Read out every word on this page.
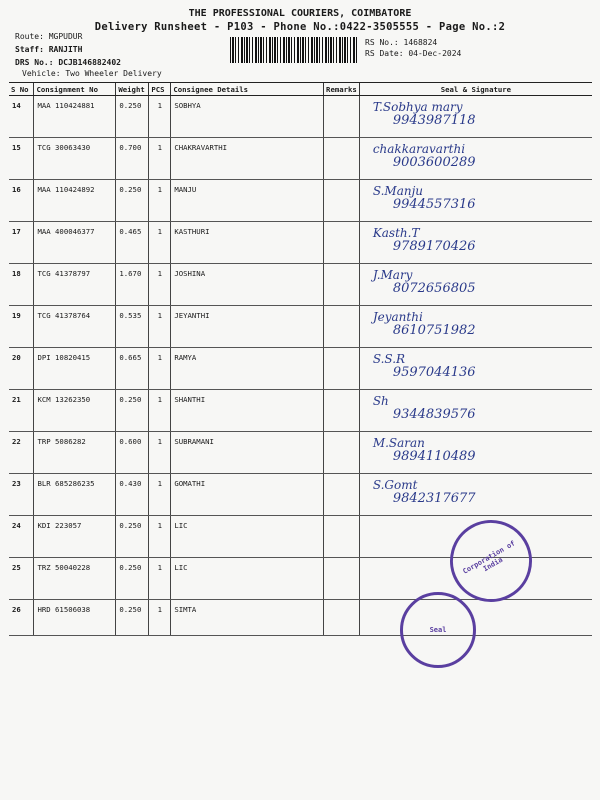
THE PROFESSIONAL COURIERS, COIMBATORE
Delivery Runsheet - P103 - Phone No.:0422-3505555 - Page No.:2
Route: MGPUDUR
Staff: RANJITH
DRS No.: DCJB146882402
Vehicle: Two Wheeler Delivery
RS No.: 1468824
RS Date: 04-Dec-2024
S No	Consignment No	Weight	PCS	Consignee Details	Remarks	Seal & Signature
14	MAA 110424881	0.250	1	SOBHYA		T.Sobhya mary
9943987118

15	TCG 30063430	0.700	1	CHAKRAVARTHI		chakkaravarthi
9003600289

16	MAA 110424892	0.250	1	MANJU		S.Manju
9944557316

17	MAA 400046377	0.465	1	KASTHURI		Kasth.T
9789170426

18	TCG 41378797	1.670	1	JOSHINA		J.Mary
8072656805

19	TCG 41378764	0.535	1	JEYANTHI		Jeyanthi
8610751982

20	DPI 10820415	0.665	1	RAMYA		S.S.R
9597044136

21	KCM 13262350	0.250	1	SHANTHI		Sh
9344839576

22	TRP 5086282	0.600	1	SUBRAMANI		M.Saran
9894110489

23	BLR 685286235	0.430	1	GOMATHI		S.Gomt
9842317677

24	KDI 223057	0.250	1	LIC		

25	TRZ 50040228	0.250	1	LIC		

26	HRD 61506038	0.250	1	SIMTA		
Corporation of India
Seal
